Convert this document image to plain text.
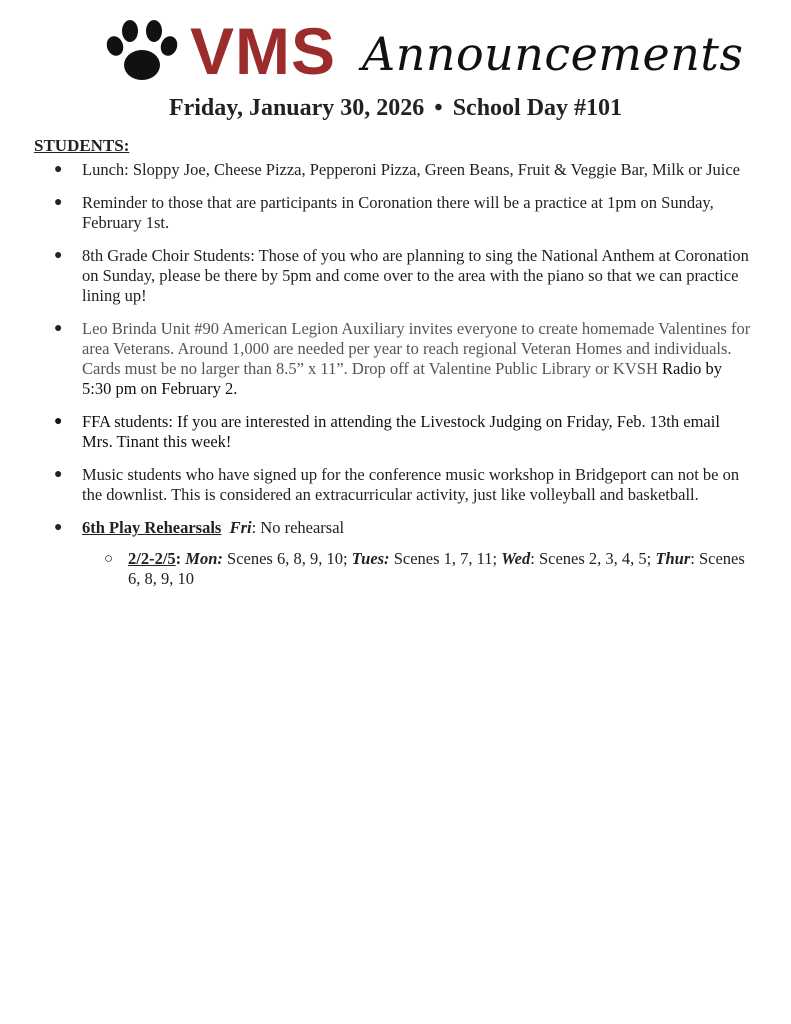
VMS Announcements
Friday, January 30, 2026 • School Day #101
STUDENTS:
● Lunch: Sloppy Joe, Cheese Pizza, Pepperoni Pizza, Green Beans, Fruit & Veggie Bar, Milk or Juice
● Reminder to those that are participants in Coronation there will be a practice at 1pm on Sunday, February 1st.
● 8th Grade Choir Students: Those of you who are planning to sing the National Anthem at Coronation on Sunday, please be there by 5pm and come over to the area with the piano so that we can practice lining up!
● Leo Brinda Unit #90 American Legion Auxiliary invites everyone to create homemade Valentines for area Veterans. Around 1,000 are needed per year to reach regional Veteran Homes and individuals. Cards must be no larger than 8.5” x 11”. Drop off at Valentine Public Library or KVSH Radio by 5:30 pm on February 2.
● FFA students: If you are interested in attending the Livestock Judging on Friday, Feb. 13th email Mrs. Tinant this week!
● Music students who have signed up for the conference music workshop in Bridgeport can not be on the downlist. This is considered an extracurricular activity, just like volleyball and basketball.
● 6th Play Rehearsals Fri: No rehearsal
○ 2/2-2/5: Mon: Scenes 6, 8, 9, 10; Tues: Scenes 1, 7, 11; Wed: Scenes 2, 3, 4, 5; Thur: Scenes 6, 8, 9, 10
